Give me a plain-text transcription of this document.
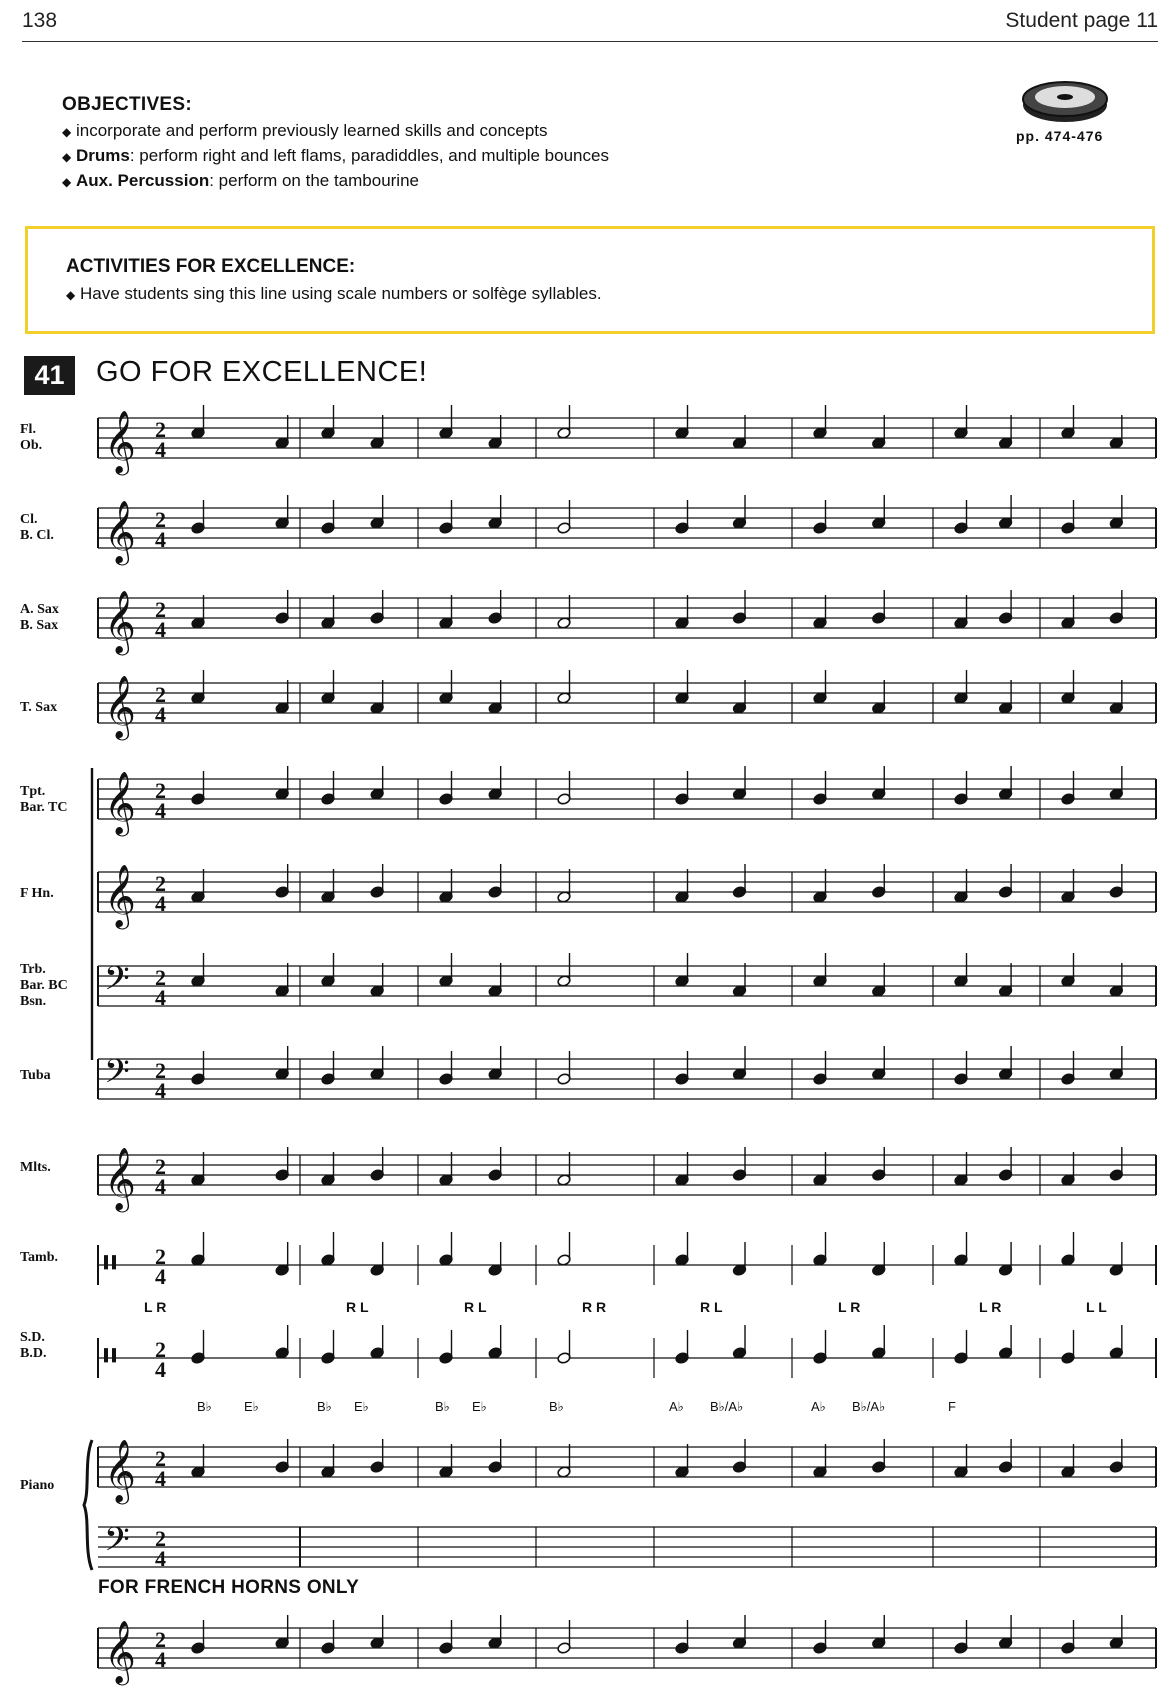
138	Student page 11
OBJECTIVES:
◆ incorporate and perform previously learned skills and concepts
◆ Drums: perform right and left flams, paradiddles, and multiple bounces
◆ Aux. Percussion: perform on the tambourine
pp. 474-476
ACTIVITIES FOR EXCELLENCE:
◆ Have students sing this line using scale numbers or solfège syllables.
41	GO FOR EXCELLENCE!
𝄞 2
4
𝄞 2
4
𝄞 2
4
𝄞 2
4
𝄞 2
4
𝄞 2
4
𝄢 2
4
𝄢 2
4
𝄞 2
4
𝄥 2
4
𝄥 2
4
𝄞 2
4
𝄢 2
4
𝄞 2
4
L R	R L	R L	R R	R L	L R	L R	L L
B♭ E♭	B♭ E♭	B♭ E♭	B♭	A♭ B♭/A♭	A♭ B♭/A♭	F
Fl.
Ob.
Cl.
B. Cl.
A. Sax
B. Sax
T. Sax
Tpt.
Bar. TC
F Hn.
Trb.
Bar. BC
Bsn.
Tuba
Mlts.
Tamb.
S.D.
B.D.
Piano
FOR FRENCH HORNS ONLY
